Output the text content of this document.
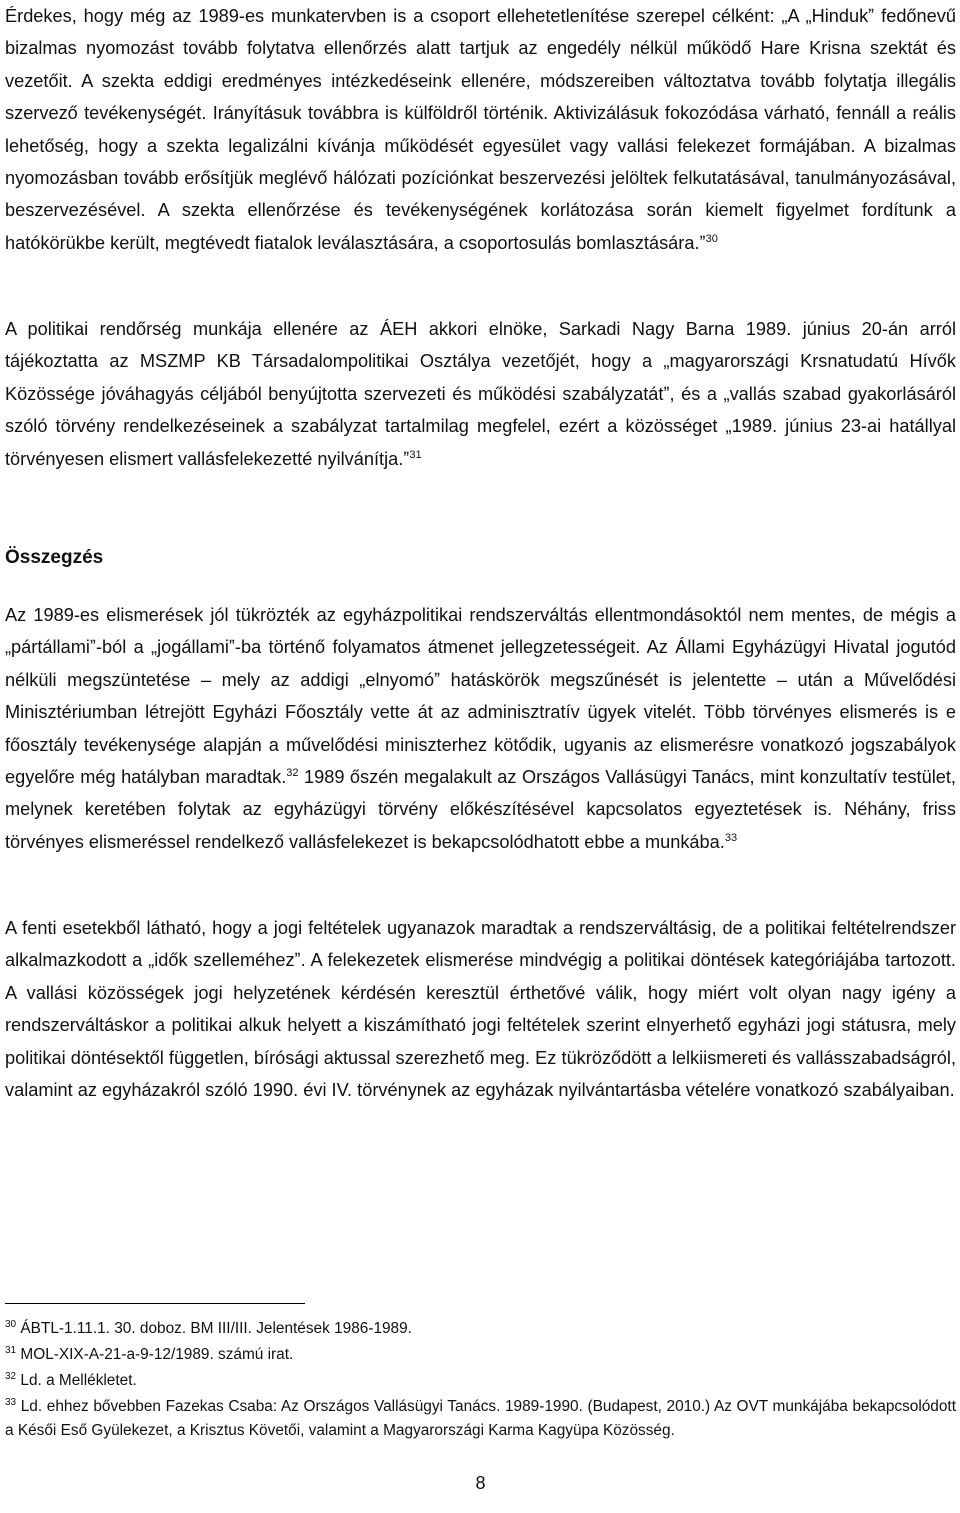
Érdekes, hogy még az 1989-es munkatervben is a csoport ellehetetlenítése szerepel célként: „A „Hindukˮ fedőnevű bizalmas nyomozást tovább folytatva ellenőrzés alatt tartjuk az engedély nélkül működő Hare Krisna szektát és vezetőit. A szekta eddigi eredményes intézkedéseink ellenére, módszereiben változtatva tovább folytatja illegális szervező tevékenységét. Irányításuk továbbra is külföldről történik. Aktivizálásuk fokozódása várható, fennáll a reális lehetőség, hogy a szekta legalizálni kívánja működését egyesület vagy vallási felekezet formájában. A bizalmas nyomozásban tovább erősítjük meglévő hálózati pozíciónkat beszervezési jelöltek felkutatásával, tanulmányozásával, beszervezésével. A szekta ellenőrzése és tevékenységének korlátozása során kiemelt figyelmet fordítunk a hatókörükbe került, megtévedt fiatalok leválasztására, a csoportosulás bomlasztására.ˮ$^{30}$

A politikai rendőrség munkája ellenére az ÁEH akkori elnöke, Sarkadi Nagy Barna 1989. június 20-án arról tájékoztatta az MSZMP KB Társadalompolitikai Osztálya vezetőjét, hogy a „magyarországi Krsnatudatú Hívők Közössége jóváhagyás céljából benyújtotta szervezeti és működési szabályzatátˮ, és a „vallás szabad gyakorlásáról szóló törvény rendelkezéseinek a szabályzat tartalmilag megfelel, ezért a közösséget „1989. június 23-ai hatállyal törvényesen elismert vallásfelekezetté nyilvánítja.ˮ$^{31}$

Összegzés

Az 1989-es elismerések jól tükrözték az egyházpolitikai rendszerváltás ellentmondásoktól nem mentes, de mégis a „pártállamiˮ-ból a „jogállamiˮ-ba történő folyamatos átmenet jellegzetességeit. Az Állami Egyházügyi Hivatal jogutód nélküli megszüntetése – mely az addigi „elnyomóˮ hatáskörök megszűnését is jelentette – után a Művelődési Minisztériumban létrejött Egyházi Főosztály vette át az adminisztratív ügyek vitelét. Több törvényes elismerés is e főosztály tevékenysége alapján a művelődési miniszterhez kötődik, ugyanis az elismerésre vonatkozó jogszabályok egyelőre még hatályban maradtak.$^{32}$ 1989 őszén megalakult az Országos Vallásügyi Tanács, mint konzultatív testület, melynek keretében folytak az egyházügyi törvény előkészítésével kapcsolatos egyeztetések is. Néhány, friss törvényes elismeréssel rendelkező vallásfelekezet is bekapcsolódhatott ebbe a munkába.$^{33}$

A fenti esetekből látható, hogy a jogi feltételek ugyanazok maradtak a rendszerváltásig, de a politikai feltételrendszer alkalmazkodott a „idők szelleméhezˮ. A felekezetek elismerése mindvégig a politikai döntések kategóriájába tartozott. A vallási közösségek jogi helyzetének kérdésén keresztül érthetővé válik, hogy miért volt olyan nagy igény a rendszerváltáskor a politikai alkuk helyett a kiszámítható jogi feltételek szerint elnyerhető egyházi jogi státusra, mely politikai döntésektől független, bírósági aktussal szerezhető meg. Ez tükröződött a lelkiismereti és vallásszabadságról, valamint az egyházakról szóló 1990. évi IV. törvénynek az egyházak nyilvántartásba vételére vonatkozó szabályaiban.

$^{30}$ ÁBTL-1.11.1. 30. doboz. BM III/III. Jelentések 1986-1989.
$^{31}$ MOL-XIX-A-21-a-9-12/1989. számú irat.
$^{32}$ Ld. a Mellékletet.
$^{33}$ Ld. ehhez bővebben Fazekas Csaba: Az Országos Vallásügyi Tanács. 1989-1990. (Budapest, 2010.) Az OVT munkájába bekapcsolódott a Késői Eső Gyülekezet, a Krisztus Követői, valamint a Magyarországi Karma Kagyüpa Közösség.
8
